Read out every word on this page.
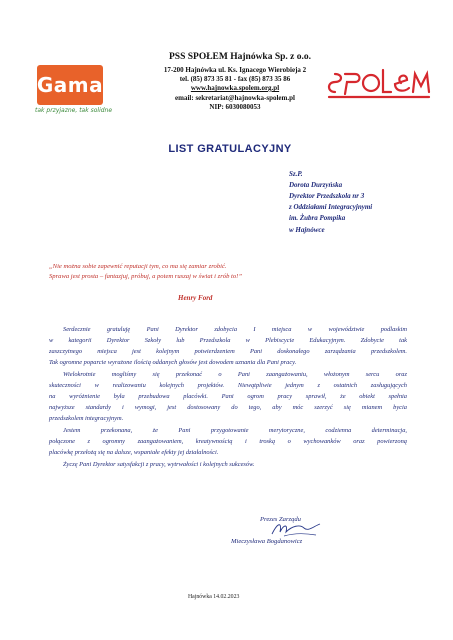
Gama
tak przyjazne, tak solidne
PSS SPOŁEM Hajnówka Sp. z o.o.
17-200 Hajnówka ul. Ks. Ignacego Wierobieja 2
tel. (85) 873 35 81 - fax (85) 873 35 86
www.hajnowka.spolem.org.pl
email: sekretariat@hajnowka-spolem.pl
NIP: 6030080053
LIST GRATULACYJNY
Sz.P.
Dorota Durzyńska
Dyrektor Przedszkola nr 3
z Oddziałami Integracyjnymi
im. Żubra Pompika
w Hajnówce
„Nie można sobie zapewnić reputacji tym, co ma się zamiar zrobić.
Sprawa jest prosta – fantazjuj, próbuj, a potem ruszaj w świat i zrób to!”
Henry Ford
Serdecznie gratuluję Pani Dyrektor zdobycia I miejsca w województwie podlaskim
w kategorii Dyrektor Szkoły lub Przedszkola w Plebiscycie Edukacyjnym. Zdobycie tak
zaszczytnego miejsca jest kolejnym potwierdzeniem Pani doskonałego zarządzania przedszkolem.
Tak ogromne poparcie wyrażone ilością oddanych głosów jest dowodem uznania dla Pani pracy.
Wielokrotnie mogliśmy się przekonać o Pani zaangażowaniu, włożonym sercu oraz
skuteczności w realizowaniu kolejnych projektów. Niewątpliwie jednym z ostatnich zasługujących
na wyróżnienie była przebudowa placówki. Pani ogrom pracy sprawił, że obiekt spełnia
najwyższe standardy i wymogi, jest dostosowany do tego, aby móc szerzyć się mianem bycia
przedszkolem integracyjnym.
Jestem przekonana, że Pani przygotowanie merytoryczne, codzienna determinacja,
połączone z ogromny zaangażowaniem, kreatywnością i troską o wychowanków oraz powierzoną
placówkę przełożą się na dalsze, wspaniałe efekty jej działalności.
Życzę Pani Dyrektor satysfakcji z pracy, wytrwałości i kolejnych sukcesów.
Prezes Zarządu
Mieczysława Bogdanowicz
Hajnówka 14.02.2023
